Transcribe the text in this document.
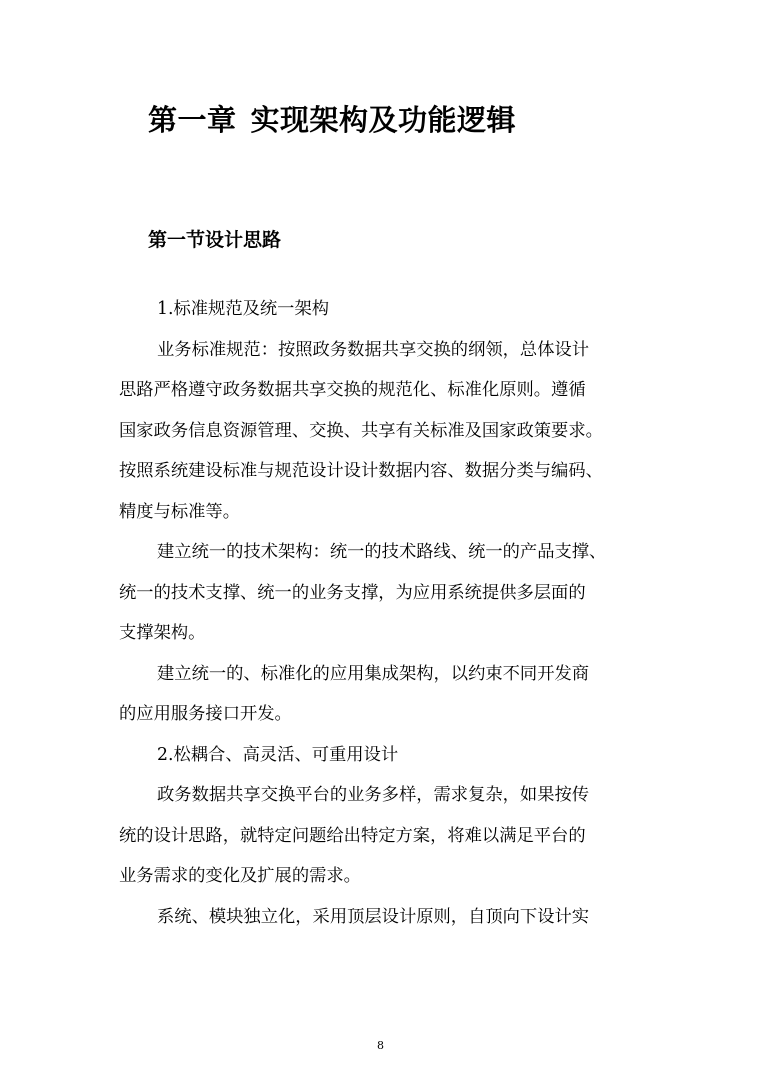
第一章 实现架构及功能逻辑
第一节设计思路

1.标准规范及统一架构

业务标准规范：按照政务数据共享交换的纲领，总体设计

思路严格遵守政务数据共享交换的规范化、标准化原则。遵循

国家政务信息资源管理、交换、共享有关标准及国家政策要求。

按照系统建设标准与规范设计设计数据内容、数据分类与编码、

精度与标准等。

建立统一的技术架构：统一的技术路线、统一的产品支撑、

统一的技术支撑、统一的业务支撑，为应用系统提供多层面的

支撑架构。

建立统一的、标准化的应用集成架构，以约束不同开发商

的应用服务接口开发。

2.松耦合、高灵活、可重用设计

政务数据共享交换平台的业务多样，需求复杂，如果按传

统的设计思路，就特定问题给出特定方案，将难以满足平台的

业务需求的变化及扩展的需求。

系统、模块独立化，采用顶层设计原则，自顶向下设计实

8
